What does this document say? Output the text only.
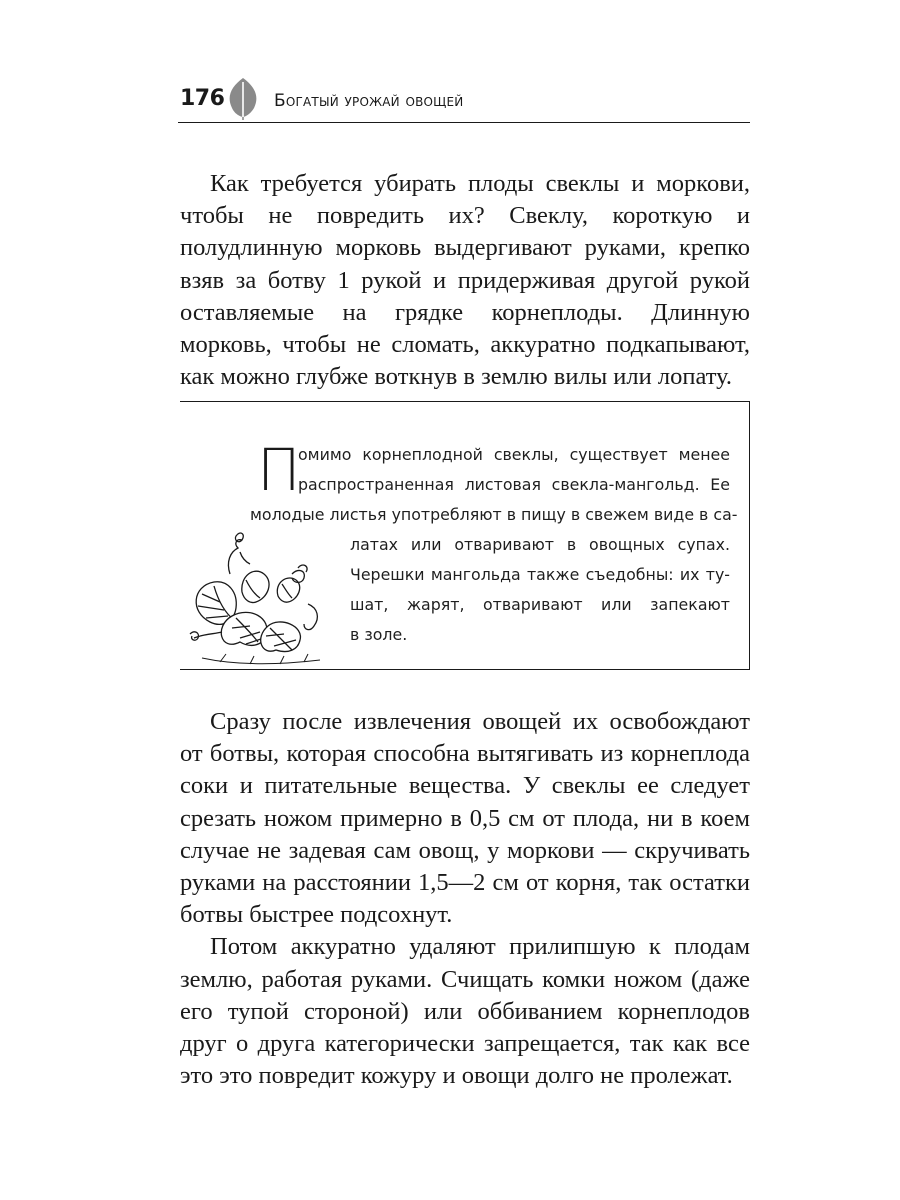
176	Богатый урожай овощей

Как требуется убирать плоды свеклы и моркови, чтобы не повредить их? Свеклу, короткую и полудлинную морковь выдергивают руками, крепко взяв за ботву 1 рукой и придерживая другой рукой оставляемые на грядке корнеплоды. Длинную морковь, чтобы не сломать, аккуратно подкапывают, как можно глубже воткнув в землю вилы или лопату.

П
омимо корнеплодной свеклы, существует менее
распространенная листовая свекла-мангольд. Ее
молодые листья употребляют в пищу в свежем виде в са-
латах или отваривают в овощных супах.
Черешки мангольда также съедобны: их ту-
шат, жарят, отваривают или запекают
в золе.

Сразу после извлечения овощей их освобождают от ботвы, которая способна вытягивать из корнеплода соки и питательные вещества. У свеклы ее следует срезать ножом примерно в 0,5 см от плода, ни в коем случае не задевая сам овощ, у моркови — скручивать руками на расстоянии 1,5—2 см от корня, так остатки ботвы быстрее подсохнут.

Потом аккуратно удаляют прилипшую к плодам землю, работая руками. Счищать комки ножом (даже его тупой стороной) или оббиванием корнеплодов друг о друга категорически запрещается, так как все это это повредит кожуру и овощи долго не пролежат.
